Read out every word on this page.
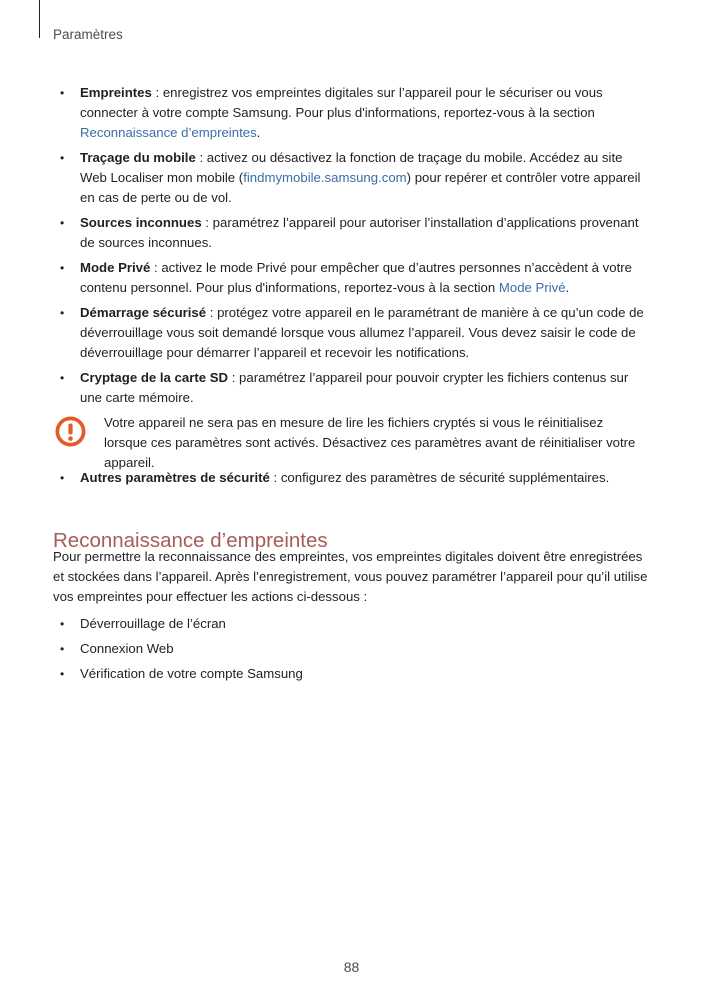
Paramètres
• Empreintes : enregistrez vos empreintes digitales sur l’appareil pour le sécuriser ou vous connecter à votre compte Samsung. Pour plus d'informations, reportez-vous à la section Reconnaissance d’empreintes.
• Traçage du mobile : activez ou désactivez la fonction de traçage du mobile. Accédez au site Web Localiser mon mobile (findmymobile.samsung.com) pour repérer et contrôler votre appareil en cas de perte ou de vol.
• Sources inconnues : paramétrez l’appareil pour autoriser l’installation d’applications provenant de sources inconnues.
• Mode Privé : activez le mode Privé pour empêcher que d’autres personnes n’accèdent à votre contenu personnel. Pour plus d'informations, reportez-vous à la section Mode Privé.
• Démarrage sécurisé : protégez votre appareil en le paramétrant de manière à ce qu’un code de déverrouillage vous soit demandé lorsque vous allumez l’appareil. Vous devez saisir le code de déverrouillage pour démarrer l’appareil et recevoir les notifications.
• Cryptage de la carte SD : paramétrez l’appareil pour pouvoir crypter les fichiers contenus sur une carte mémoire.
Votre appareil ne sera pas en mesure de lire les fichiers cryptés si vous le réinitialisez lorsque ces paramètres sont activés. Désactivez ces paramètres avant de réinitialiser votre appareil.
• Autres paramètres de sécurité : configurez des paramètres de sécurité supplémentaires.
Reconnaissance d’empreintes
Pour permettre la reconnaissance des empreintes, vos empreintes digitales doivent être enregistrées et stockées dans l’appareil. Après l’enregistrement, vous pouvez paramétrer l’appareil pour qu’il utilise vos empreintes pour effectuer les actions ci-dessous :
• Déverrouillage de l’écran
• Connexion Web
• Vérification de votre compte Samsung
88
